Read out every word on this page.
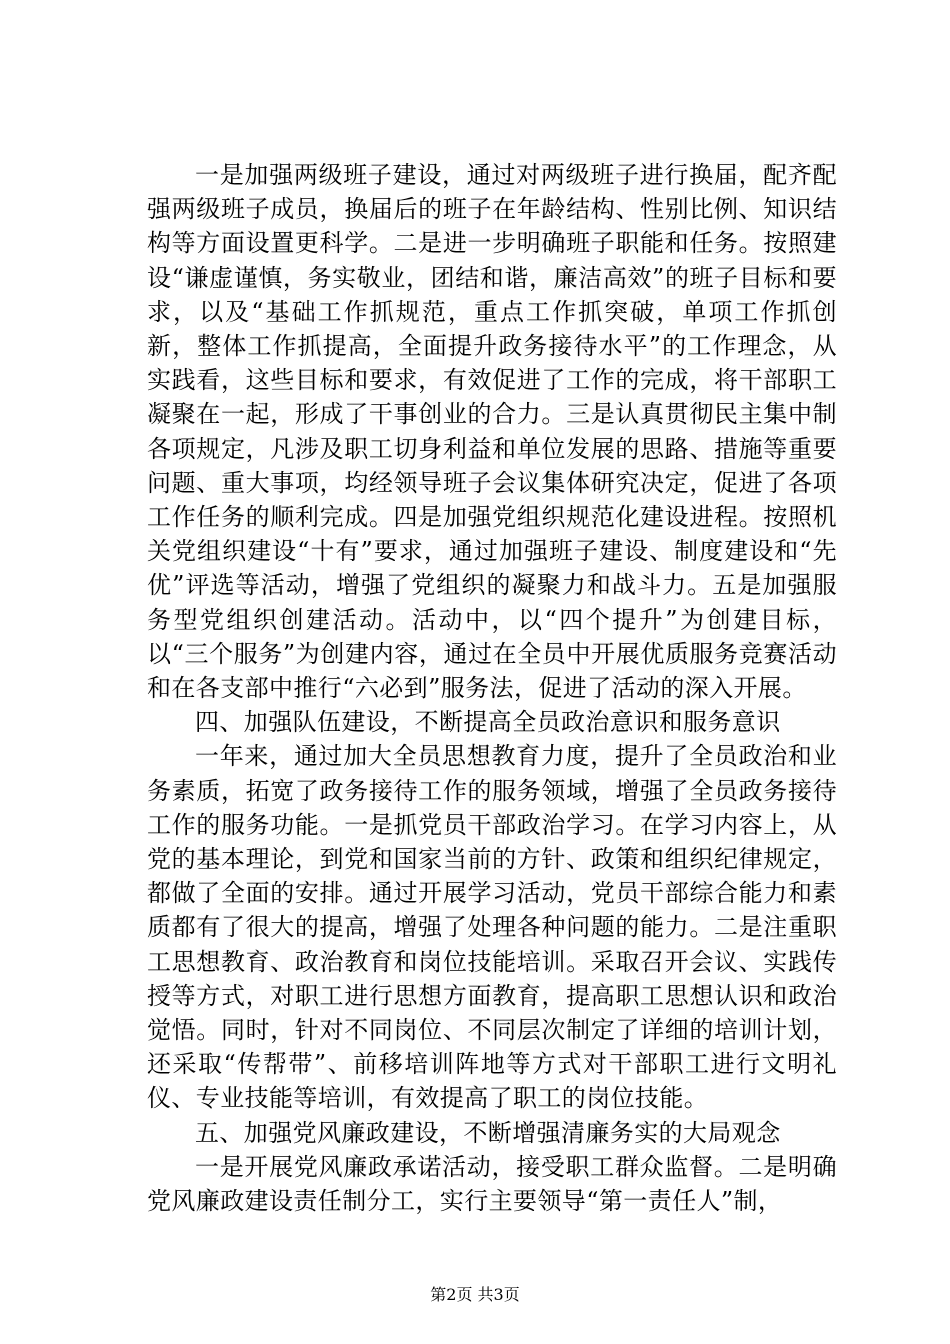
一是加强两级班子建设，通过对两级班子进行换届，配齐配强两级班子成员，换届后的班子在年龄结构、性别比例、知识结构等方面设置更科学。二是进一步明确班子职能和任务。按照建设“谦虚谨慎，务实敬业，团结和谐，廉洁高效”的班子目标和要求，以及“基础工作抓规范，重点工作抓突破，单项工作抓创新，整体工作抓提高，全面提升政务接待水平”的工作理念，从实践看，这些目标和要求，有效促进了工作的完成，将干部职工凝聚在一起，形成了干事创业的合力。三是认真贯彻民主集中制各项规定，凡涉及职工切身利益和单位发展的思路、措施等重要问题、重大事项，均经领导班子会议集体研究决定，促进了各项工作任务的顺利完成。四是加强党组织规范化建设进程。按照机关党组织建设“十有”要求，通过加强班子建设、制度建设和“先优”评选等活动，增强了党组织的凝聚力和战斗力。五是加强服务型党组织创建活动。活动中，以“四个提升”为创建目标，以“三个服务”为创建内容，通过在全员中开展优质服务竞赛活动和在各支部中推行“六必到”服务法，促进了活动的深入开展。

四、加强队伍建设，不断提高全员政治意识和服务意识

一年来，通过加大全员思想教育力度，提升了全员政治和业务素质，拓宽了政务接待工作的服务领域，增强了全员政务接待工作的服务功能。一是抓党员干部政治学习。在学习内容上，从党的基本理论，到党和国家当前的方针、政策和组织纪律规定，都做了全面的安排。通过开展学习活动，党员干部综合能力和素质都有了很大的提高，增强了处理各种问题的能力。二是注重职工思想教育、政治教育和岗位技能培训。采取召开会议、实践传授等方式，对职工进行思想方面教育，提高职工思想认识和政治觉悟。同时，针对不同岗位、不同层次制定了详细的培训计划，还采取“传帮带”、前移培训阵地等方式对干部职工进行文明礼仪、专业技能等培训，有效提高了职工的岗位技能。

五、加强党风廉政建设，不断增强清廉务实的大局观念

一是开展党风廉政承诺活动，接受职工群众监督。二是明确党风廉政建设责任制分工，实行主要领导“第一责任人”制，

第2页 共3页
